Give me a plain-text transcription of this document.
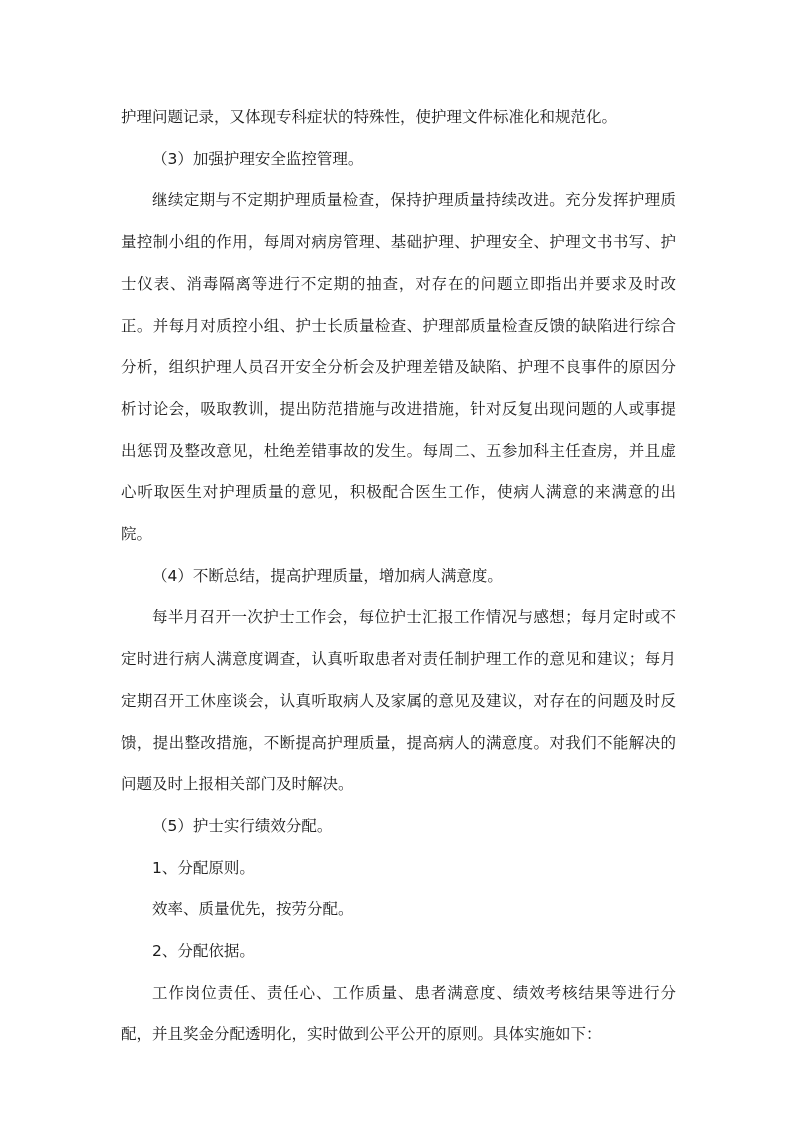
护理问题记录，又体现专科症状的特殊性，使护理文件标准化和规范化。

（3）加强护理安全监控管理。

继续定期与不定期护理质量检查，保持护理质量持续改进。充分发挥护理质量控制小组的作用，每周对病房管理、基础护理、护理安全、护理文书书写、护士仪表、消毒隔离等进行不定期的抽查，对存在的问题立即指出并要求及时改正。并每月对质控小组、护士长质量检查、护理部质量检查反馈的缺陷进行综合分析，组织护理人员召开安全分析会及护理差错及缺陷、护理不良事件的原因分析讨论会，吸取教训，提出防范措施与改进措施，针对反复出现问题的人或事提出惩罚及整改意见，杜绝差错事故的发生。每周二、五参加科主任查房，并且虚心听取医生对护理质量的意见，积极配合医生工作，使病人满意的来满意的出院。

（4）不断总结，提高护理质量，增加病人满意度。

每半月召开一次护士工作会，每位护士汇报工作情况与感想；每月定时或不定时进行病人满意度调查，认真听取患者对责任制护理工作的意见和建议；每月定期召开工休座谈会，认真听取病人及家属的意见及建议，对存在的问题及时反馈，提出整改措施，不断提高护理质量，提高病人的满意度。对我们不能解决的问题及时上报相关部门及时解决。

（5）护士实行绩效分配。

1、分配原则。

效率、质量优先，按劳分配。

2、分配依据。

工作岗位责任、责任心、工作质量、患者满意度、绩效考核结果等进行分配，并且奖金分配透明化，实时做到公平公开的原则。具体实施如下：
